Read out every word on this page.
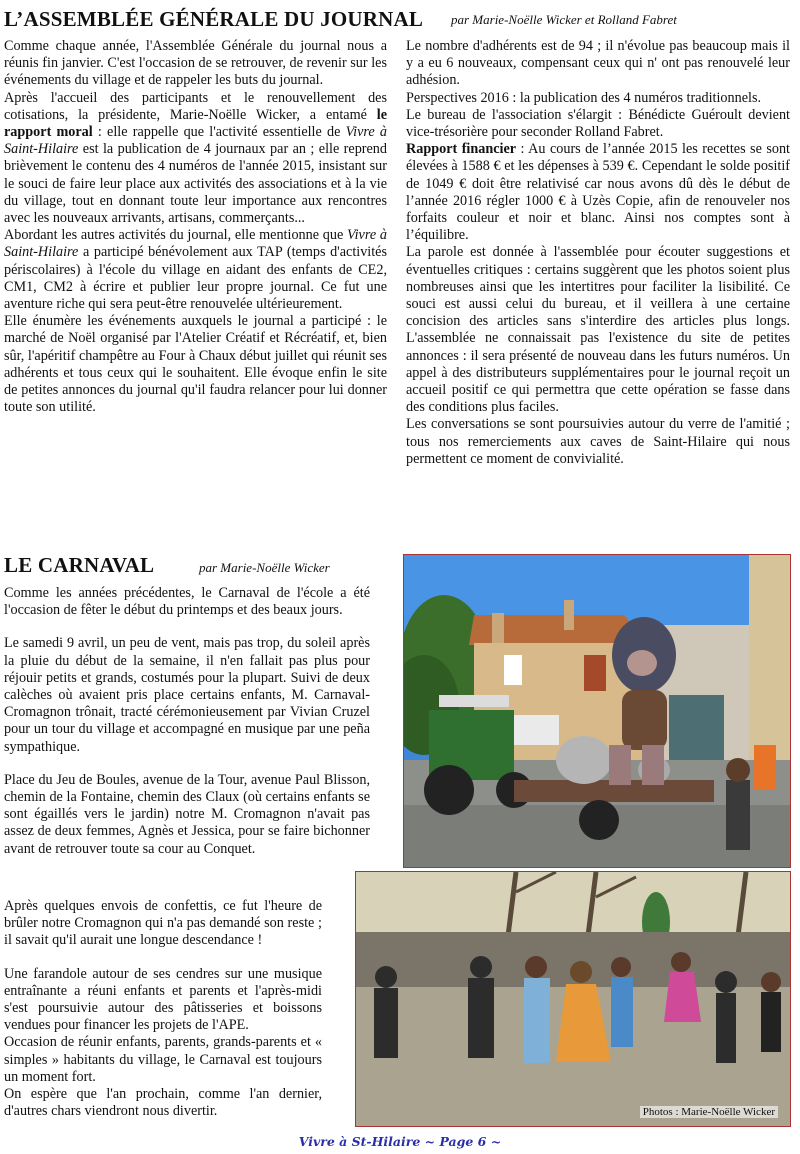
L’ASSEMBLÉE GÉNÉRALE DU JOURNAL par Marie-Noëlle Wicker et Rolland Fabret

Comme chaque année, l'Assemblée Générale du journal nous a réunis fin janvier. C'est l'occasion de se retrouver, de revenir sur les événements du village et de rappeler les buts du journal.

Après l'accueil des participants et le renouvellement des cotisations, la présidente, Marie-Noëlle Wicker, a entamé le rapport moral : elle rappelle que l'activité essentielle de Vivre à Saint-Hilaire est la publication de 4 journaux par an ; elle reprend brièvement le contenu des 4 numéros de l'année 2015, insistant sur le souci de faire leur place aux activités des associations et à la vie du village, tout en donnant toute leur importance aux rencontres avec les nouveaux arrivants, artisans, commerçants...

Abordant les autres activités du journal, elle mentionne que Vivre à Saint-Hilaire a participé bénévolement aux TAP (temps d'activités périscolaires) à l'école du village en aidant des enfants de CE2, CM1, CM2 à écrire et publier leur propre journal. Ce fut une aventure riche qui sera peut-être renouvelée ultérieurement.

Elle énumère les événements auxquels le journal a participé : le marché de Noël organisé par l'Atelier Créatif et Récréatif, et, bien sûr, l'apéritif champêtre au Four à Chaux début juillet qui réunit ses adhérents et tous ceux qui le souhaitent. Elle évoque enfin le site de petites annonces du journal qu'il faudra relancer pour lui donner toute son utilité.

Le nombre d'adhérents est de 94 ; il n'évolue pas beaucoup mais il y a eu 6 nouveaux, compensant ceux qui n' ont pas renouvelé leur adhésion.

Perspectives 2016 : la publication des 4 numéros traditionnels.

Le bureau de l'association s'élargit : Bénédicte Guéroult devient vice-trésorière pour seconder Rolland Fabret.

Rapport financier : Au cours de l’année 2015 les recettes se sont élevées à 1588 € et les dépenses à 539 €. Cependant le solde positif de 1049 € doit être relativisé car nous avons dû dès le début de l’année 2016 régler 1000 € à Uzès Copie, afin de renouveler nos forfaits couleur et noir et blanc. Ainsi nos comptes sont à l’équilibre.

La parole est donnée à l'assemblée pour écouter suggestions et éventuelles critiques : certains suggèrent que les photos soient plus nombreuses ainsi que les intertitres pour faciliter la lisibilité. Ce souci est aussi celui du bureau, et il veillera à une certaine concision des articles sans s'interdire des articles plus longs. L'assemblée ne connaissait pas l'existence du site de petites annonces : il sera présenté de nouveau dans les futurs numéros. Un appel à des distributeurs supplémentaires pour le journal reçoit un accueil positif ce qui permettra que cette opération se fasse dans des conditions plus faciles.

Les conversations se sont poursuivies autour du verre de l'amitié ; tous nos remerciements aux caves de Saint-Hilaire qui nous permettent ce moment de convivialité.

LE CARNAVAL	par Marie-Noëlle Wicker

Comme les années précédentes, le Carnaval de l'école a été l'occasion de fêter le début du printemps et des beaux jours.

Le samedi 9 avril, un peu de vent, mais pas trop, du soleil après la pluie du début de la semaine, il n'en fallait pas plus pour réjouir petits et grands, costumés pour la plupart. Suivi de deux calèches où avaient pris place certains enfants, M. Carnaval-Cromagnon trônait, tracté cérémonieusement par Vivian Cruzel pour un tour du village et accompagné en musique par une peña sympathique.

Place du Jeu de Boules, avenue de la Tour, avenue Paul Blisson, chemin de la Fontaine, chemin des Claux (où certains enfants se sont égaillés vers le jardin) notre M. Cromagnon n'avait pas assez de deux femmes, Agnès et Jessica, pour se faire bichonner avant de retrouver toute sa cour au Conquet.

Après quelques envois de confettis, ce fut l'heure de brûler notre Cromagnon qui n'a pas demandé son reste ; il savait qu'il aurait une longue descendance !

Une farandole autour de ses cendres sur une musique entraînante a réuni enfants et parents et l'après-midi s'est poursuivie autour des pâtisseries et boissons vendues pour financer les projets de l'APE.

Occasion de réunir enfants, parents, grands-parents et « simples » habitants du village, le Carnaval est toujours un moment fort.

On espère que l'an prochain, comme l'an dernier, d'autres chars viendront nous divertir.	Photos : Marie-Noëlle Wicker
Vivre à St-Hilaire ~ Page 6 ~
